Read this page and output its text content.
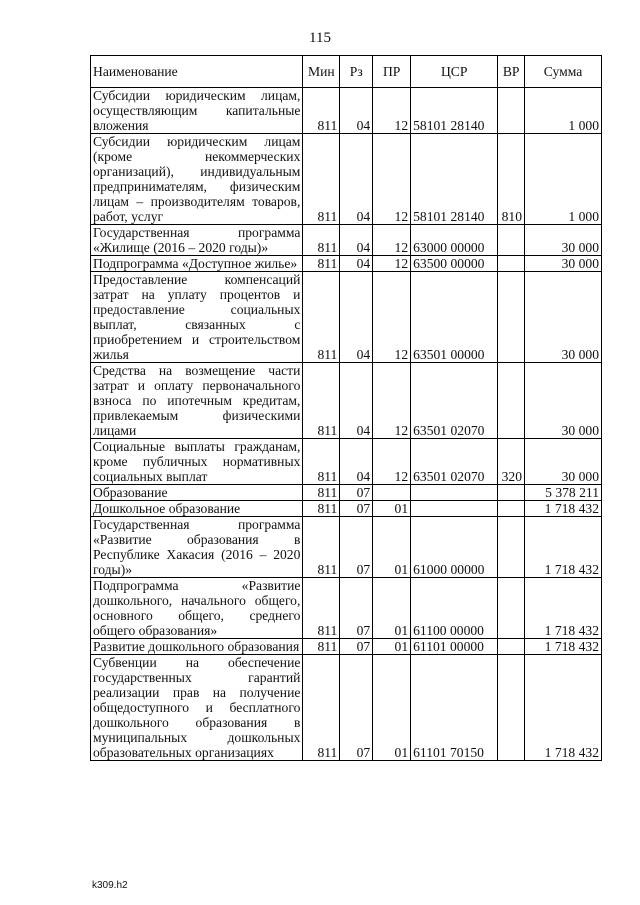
115
Наименование	Мин	Рз	ПР	ЦСР	ВР	Сумма
Субсидии юридическим лицам, осуществляющим капитальные вложения	811	04	12	58101 28140		1 000
Субсидии юридическим лицам (кроме некоммерческих организаций), индивидуальным предпринимателям, физическим лицам – производителям товаров, работ, услуг	811	04	12	58101 28140	810	1 000
Государственная программа «Жилище (2016 – 2020 годы)»	811	04	12	63000 00000		30 000
Подпрограмма «Доступное жилье»	811	04	12	63500 00000		30 000
Предоставление компенсаций затрат на уплату процентов и предоставление социальных выплат, связанных с приобретением и строительством жилья	811	04	12	63501 00000		30 000
Средства на возмещение части затрат и оплату первоначального взноса по ипотечным кредитам, привлекаемым физическими лицами	811	04	12	63501 02070		30 000
Социальные выплаты гражданам, кроме публичных нормативных социальных выплат	811	04	12	63501 02070	320	30 000
Образование	811	07				5 378 211
Дошкольное образование	811	07	01			1 718 432
Государственная программа «Развитие образования в Республике Хакасия (2016 – 2020 годы)»	811	07	01	61000 00000		1 718 432
Подпрограмма «Развитие дошкольного, начального общего, основного общего, среднего общего образования»	811	07	01	61100 00000		1 718 432
Развитие дошкольного образования	811	07	01	61101 00000		1 718 432
Субвенции на обеспечение государственных гарантий реализации прав на получение общедоступного и бесплатного дошкольного образования в муниципальных дошкольных образовательных организациях	811	07	01	61101 70150		1 718 432
k309.h2
